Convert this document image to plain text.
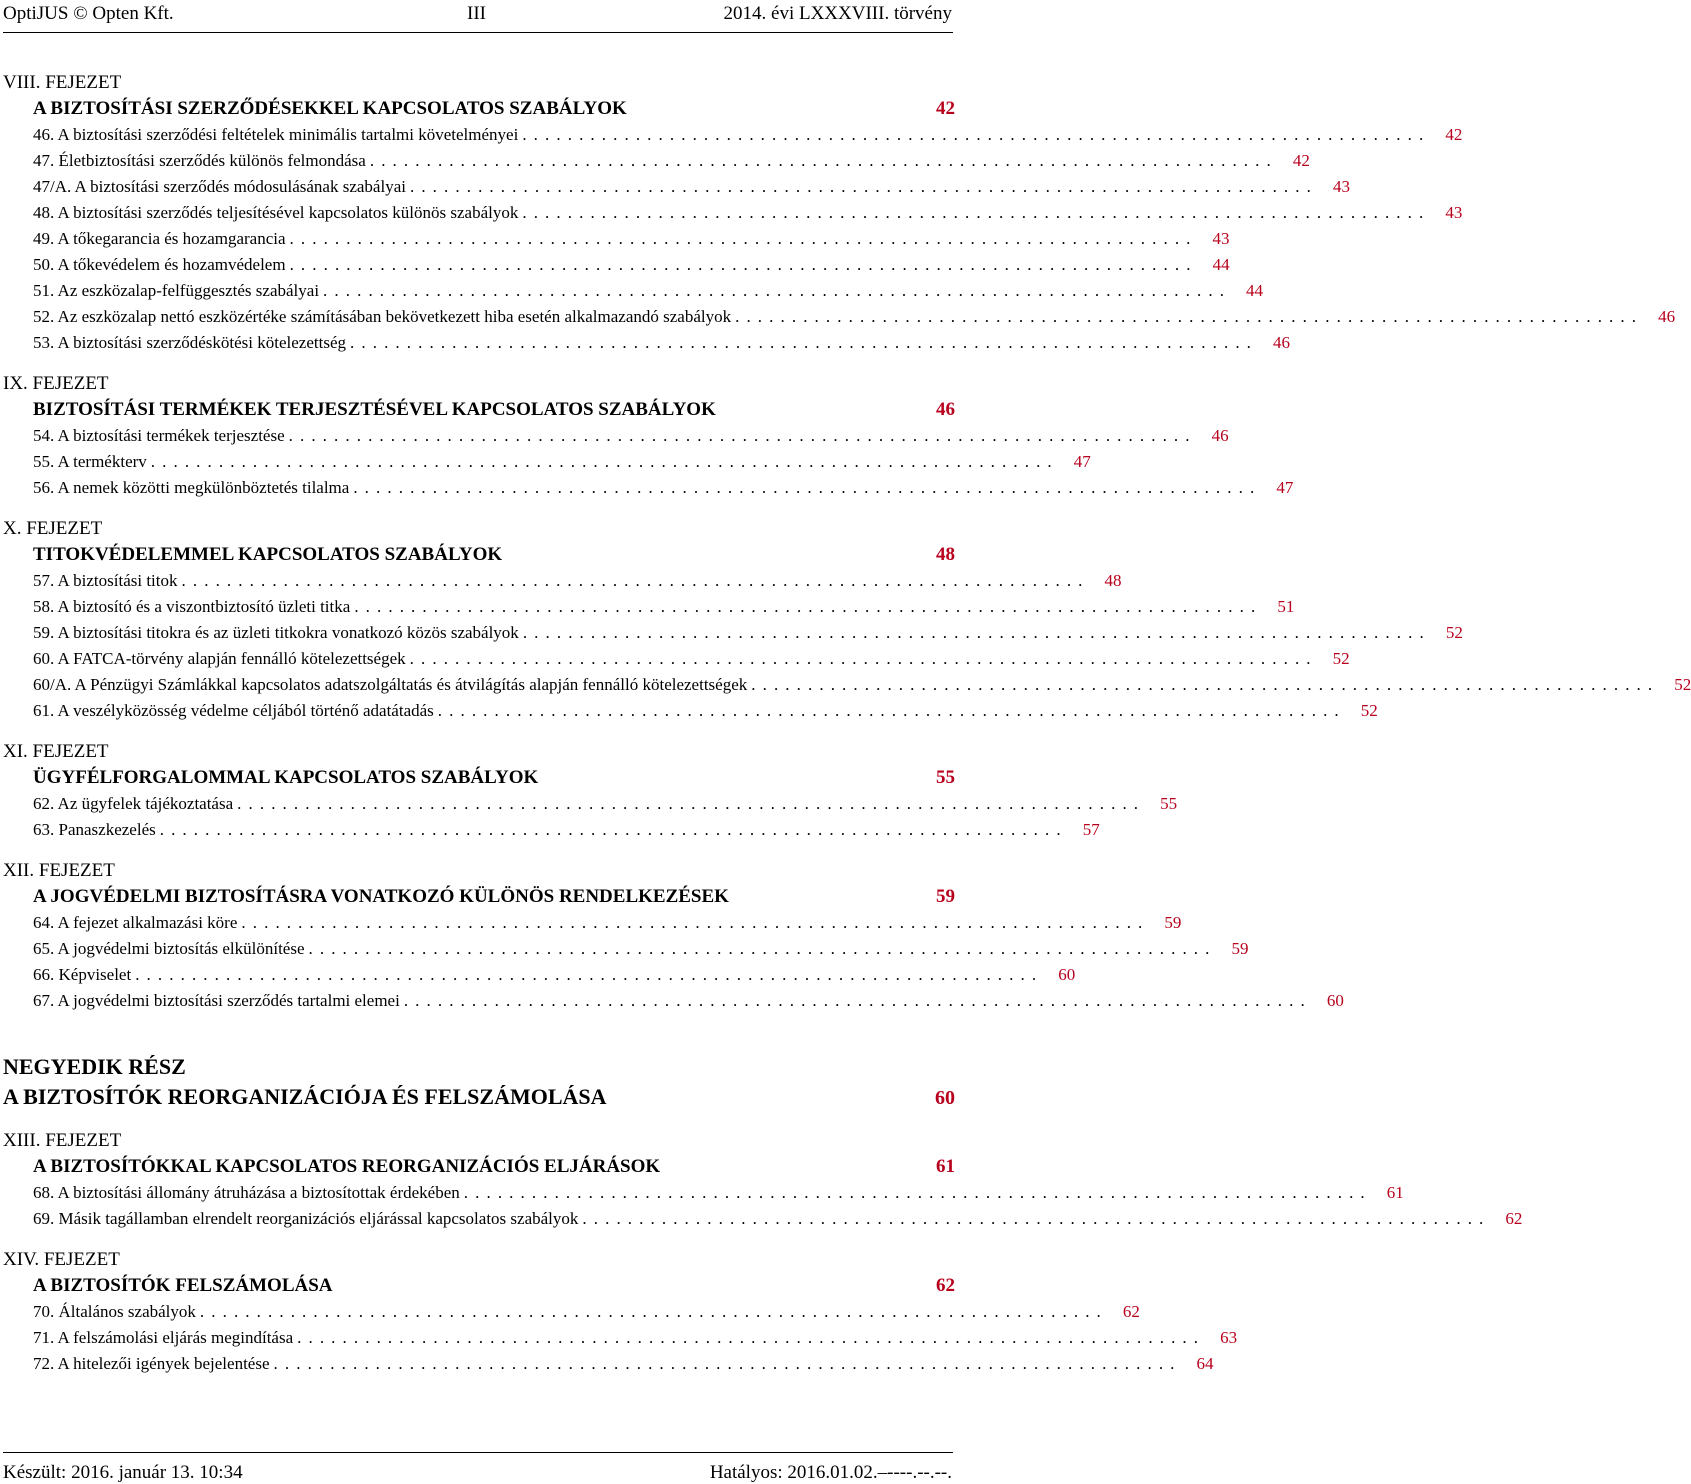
OptiJUS © Opten Kft.	III	2014. évi LXXXVIII. törvény
VIII. FEJEZET
A BIZTOSÍTÁSI SZERZŐDÉSEKKEL KAPCSOLATOS SZABÁLYOK	42
46. A biztosítási szerződési feltételek minimális tartalmi követelményei ................................................................................ 42
47. Életbiztosítási szerződés különös felmondása ................................................................................ 42
47/A. A biztosítási szerződés módosulásának szabályai ................................................................................ 43
48. A biztosítási szerződés teljesítésével kapcsolatos különös szabályok ................................................................................ 43
49. A tőkegarancia és hozamgarancia ................................................................................ 43
50. A tőkevédelem és hozamvédelem ................................................................................ 44
51. Az eszközalap-felfüggesztés szabályai ................................................................................ 44
52. Az eszközalap nettó eszközértéke számításában bekövetkezett hiba esetén alkalmazandó szabályok ................................................................................ 46
53. A biztosítási szerződéskötési kötelezettség ................................................................................ 46
IX. FEJEZET
BIZTOSÍTÁSI TERMÉKEK TERJESZTÉSÉVEL KAPCSOLATOS SZABÁLYOK	46
54. A biztosítási termékek terjesztése ................................................................................ 46
55. A termékterv ................................................................................ 47
56. A nemek közötti megkülönböztetés tilalma ................................................................................ 47
X. FEJEZET
TITOKVÉDELEMMEL KAPCSOLATOS SZABÁLYOK	48
57. A biztosítási titok ................................................................................ 48
58. A biztosító és a viszontbiztosító üzleti titka ................................................................................ 51
59. A biztosítási titokra és az üzleti titkokra vonatkozó közös szabályok ................................................................................ 52
60. A FATCA-törvény alapján fennálló kötelezettségek ................................................................................ 52
60/A. A Pénzügyi Számlákkal kapcsolatos adatszolgáltatás és átvilágítás alapján fennálló kötelezettségek ................................................................................ 52
61. A veszélyközösség védelme céljából történő adatátadás ................................................................................ 52
XI. FEJEZET
ÜGYFÉLFORGALOMMAL KAPCSOLATOS SZABÁLYOK	55
62. Az ügyfelek tájékoztatása ................................................................................ 55
63. Panaszkezelés ................................................................................ 57
XII. FEJEZET
A JOGVÉDELMI BIZTOSÍTÁSRA VONATKOZÓ KÜLÖNÖS RENDELKEZÉSEK	59
64. A fejezet alkalmazási köre ................................................................................ 59
65. A jogvédelmi biztosítás elkülönítése ................................................................................ 59
66. Képviselet ................................................................................ 60
67. A jogvédelmi biztosítási szerződés tartalmi elemei ................................................................................ 60
NEGYEDIK RÉSZ
A BIZTOSÍTÓK REORGANIZÁCIÓJA ÉS FELSZÁMOLÁSA	60
XIII. FEJEZET
A BIZTOSÍTÓKKAL KAPCSOLATOS REORGANIZÁCIÓS ELJÁRÁSOK	61
68. A biztosítási állomány átruházása a biztosítottak érdekében ................................................................................ 61
69. Másik tagállamban elrendelt reorganizációs eljárással kapcsolatos szabályok ................................................................................ 62
XIV. FEJEZET
A BIZTOSÍTÓK FELSZÁMOLÁSA	62
70. Általános szabályok ................................................................................ 62
71. A felszámolási eljárás megindítása ................................................................................ 63
72. A hitelezői igények bejelentése ................................................................................ 64
Készült: 2016. január 13. 10:34	Hatályos: 2016.01.02.–----.--.--.
